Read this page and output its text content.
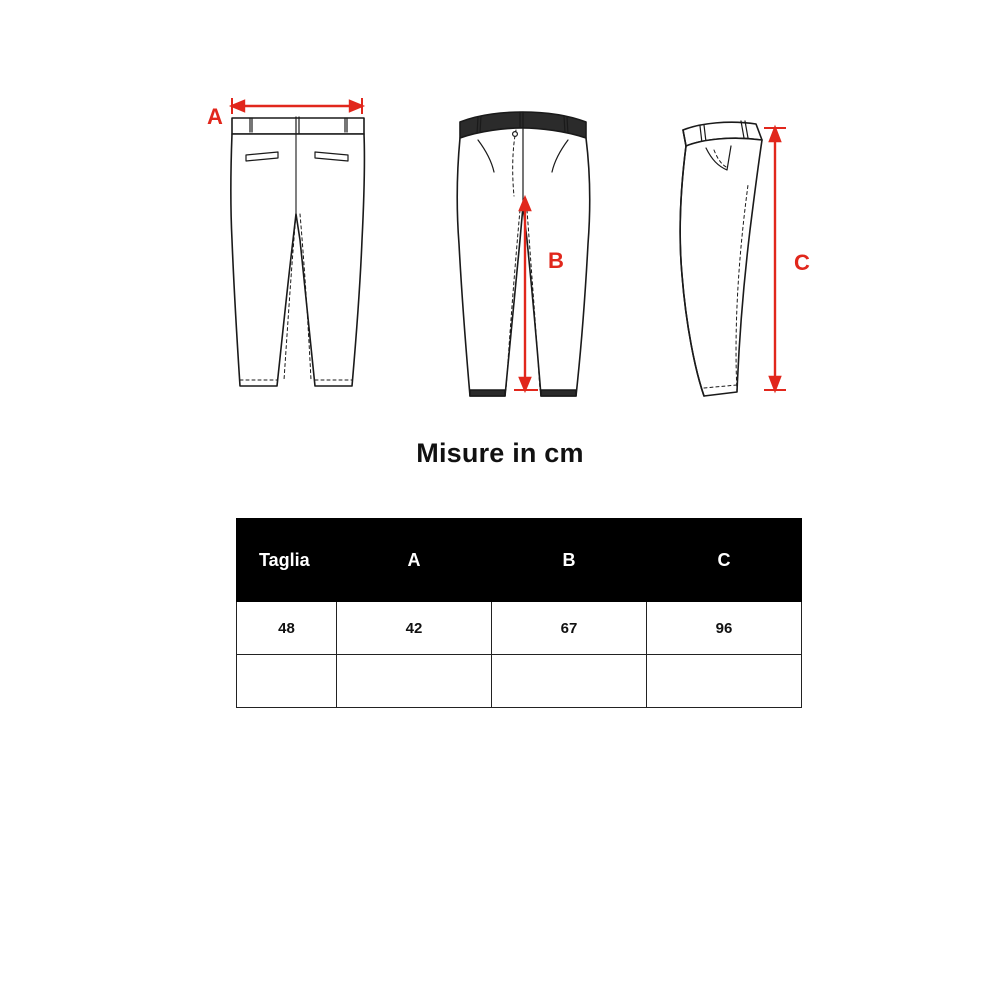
A
B	C
Misure in cm
Taglia	A	B	C
48	42	67	96
